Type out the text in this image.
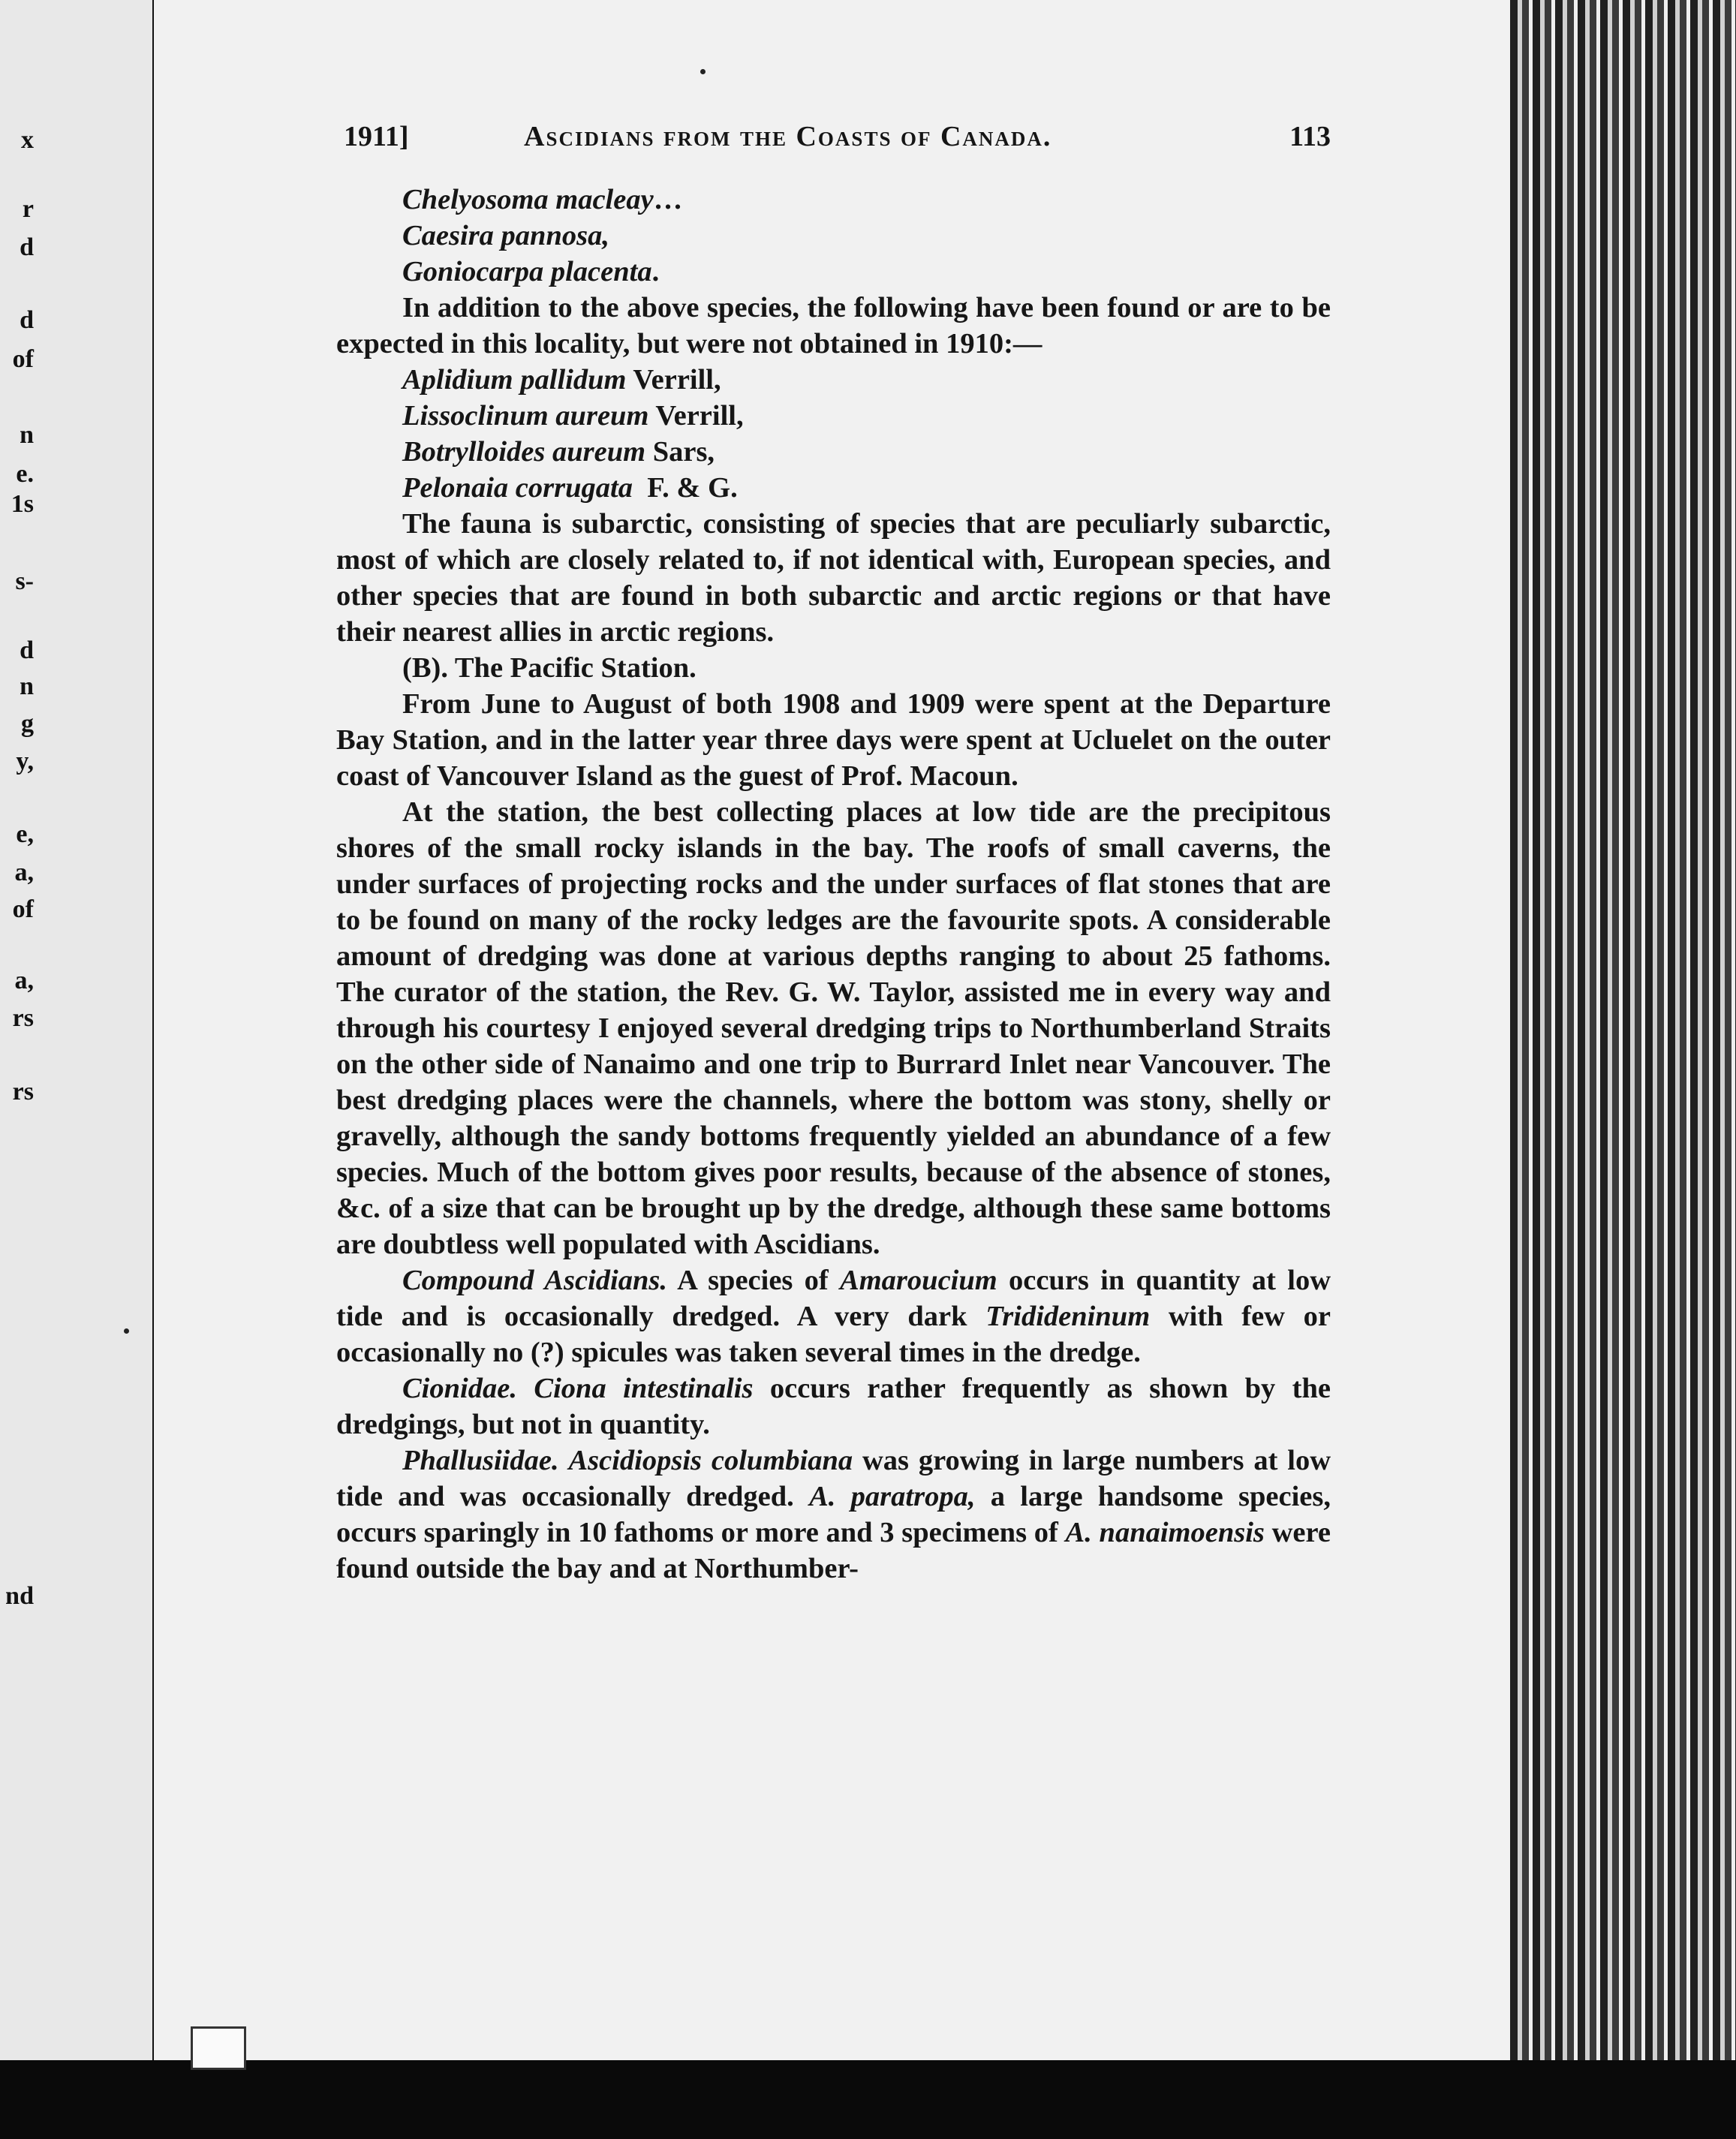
x
r
d
d
of
n
e.
1s
s-
d
n
g
y,
e,
a,
of
a,
rs
rs
nd
1911]	Ascidians from the Coasts of Canada.	113

Chelyosoma macleay…

Caesira pannosa,

Goniocarpa placenta.

In addition to the above species, the following have been found or are to be expected in this locality, but were not obtained in 1910:—

Aplidium pallidum Verrill,

Lissoclinum aureum Verrill,

Botrylloides aureum Sars,

Pelonaia corrugata  F. & G.

The fauna is subarctic, consisting of species that are peculiarly subarctic, most of which are closely related to, if not identical with, European species, and other species that are found in both subarctic and arctic regions or that have their nearest allies in arctic regions.

(B). The Pacific Station.

From June to August of both 1908 and 1909 were spent at the Departure Bay Station, and in the latter year three days were spent at Ucluelet on the outer coast of Vancouver Island as the guest of Prof. Macoun.

At the station, the best collecting places at low tide are the precipitous shores of the small rocky islands in the bay. The roofs of small caverns, the under surfaces of projecting rocks and the under surfaces of flat stones that are to be found on many of the rocky ledges are the favourite spots. A considerable amount of dredging was done at various depths ranging to about 25 fathoms. The curator of the station, the Rev. G. W. Taylor, assisted me in every way and through his courtesy I enjoyed several dredging trips to Northumberland Straits on the other side of Nanaimo and one trip to Burrard Inlet near Vancouver. The best dredging places were the channels, where the bottom was stony, shelly or gravelly, although the sandy bottoms frequently yielded an abundance of a few species. Much of the bottom gives poor results, because of the absence of stones, &c. of a size that can be brought up by the dredge, although these same bottoms are doubtless well populated with Ascidians.

Compound Ascidians. A species of Amaroucium occurs in quantity at low tide and is occasionally dredged. A very dark Tridideninum with few or occasionally no (?) spicules was taken several times in the dredge.

Cionidae. Ciona intestinalis occurs rather frequently as shown by the dredgings, but not in quantity.

Phallusiidae. Ascidiopsis columbiana was growing in large numbers at low tide and was occasionally dredged. A. paratropa, a large handsome species, occurs sparingly in 10 fathoms or more and 3 specimens of A. nanaimoensis were found outside the bay and at Northumber-
